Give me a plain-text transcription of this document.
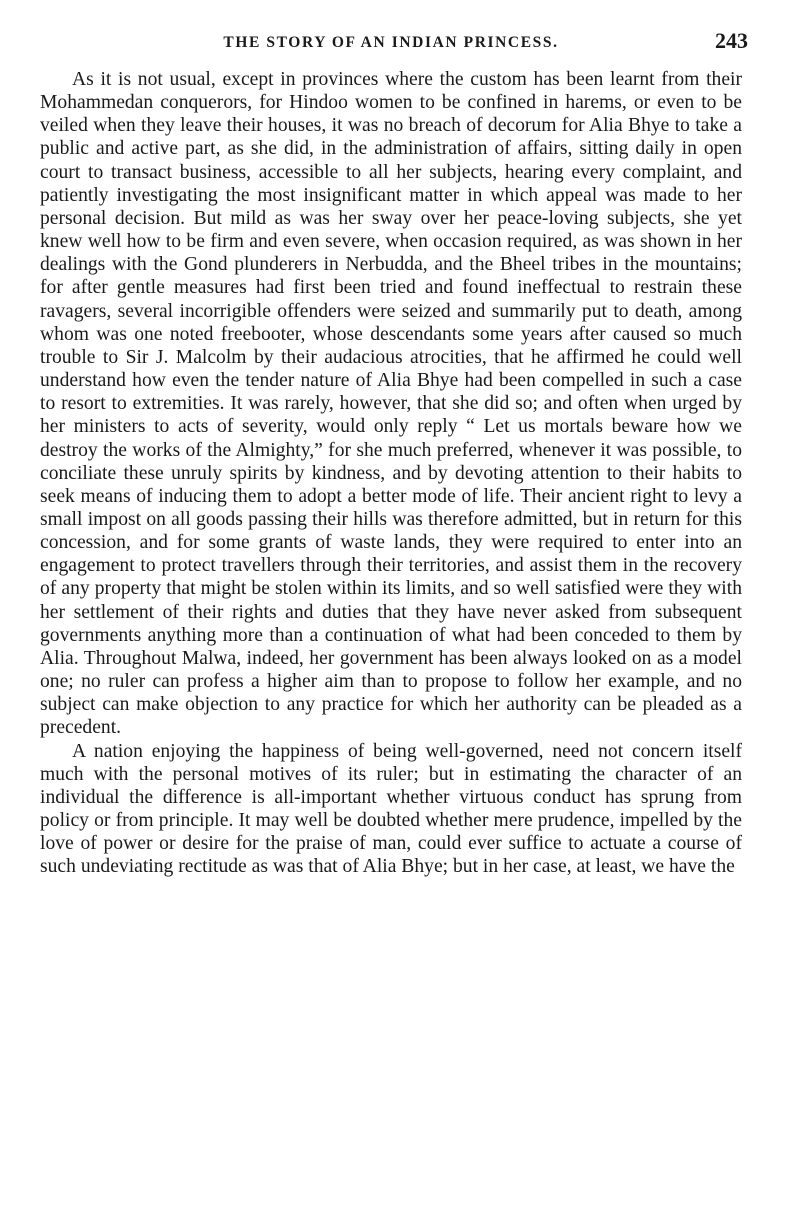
THE STORY OF AN INDIAN PRINCESS.	243

As it is not usual, except in provinces where the custom has been learnt from their Mohammedan conquerors, for Hindoo women to be confined in harems, or even to be veiled when they leave their houses, it was no breach of decorum for Alia Bhye to take a public and active part, as she did, in the administration of affairs, sitting daily in open court to transact business, accessible to all her subjects, hearing every complaint, and patiently investigating the most insignificant matter in which appeal was made to her personal decision. But mild as was her sway over her peace-loving subjects, she yet knew well how to be firm and even severe, when occasion required, as was shown in her dealings with the Gond plunderers in Nerbudda, and the Bheel tribes in the mountains; for after gentle measures had first been tried and found ineffectual to restrain these ravagers, several incorrigible offenders were seized and summarily put to death, among whom was one noted freebooter, whose descendants some years after caused so much trouble to Sir J. Malcolm by their audacious atrocities, that he affirmed he could well understand how even the tender nature of Alia Bhye had been compelled in such a case to resort to extremities. It was rarely, however, that she did so; and often when urged by her ministers to acts of severity, would only reply “ Let us mortals beware how we destroy the works of the Almighty,” for she much preferred, whenever it was possible, to conciliate these unruly spirits by kindness, and by devoting attention to their habits to seek means of inducing them to adopt a better mode of life. Their ancient right to levy a small impost on all goods passing their hills was therefore admitted, but in return for this concession, and for some grants of waste lands, they were required to enter into an engagement to protect travellers through their territories, and assist them in the recovery of any property that might be stolen within its limits, and so well satisfied were they with her settlement of their rights and duties that they have never asked from subsequent governments anything more than a continuation of what had been conceded to them by Alia. Throughout Malwa, indeed, her government has been always looked on as a model one; no ruler can profess a higher aim than to propose to follow her example, and no subject can make objection to any practice for which her authority can be pleaded as a precedent.

A nation enjoying the happiness of being well-governed, need not concern itself much with the personal motives of its ruler; but in estimating the character of an individual the difference is all-important whether virtuous conduct has sprung from policy or from principle. It may well be doubted whether mere prudence, impelled by the love of power or desire for the praise of man, could ever suffice to actuate a course of such undeviating rectitude as was that of Alia Bhye; but in her case, at least, we have the
